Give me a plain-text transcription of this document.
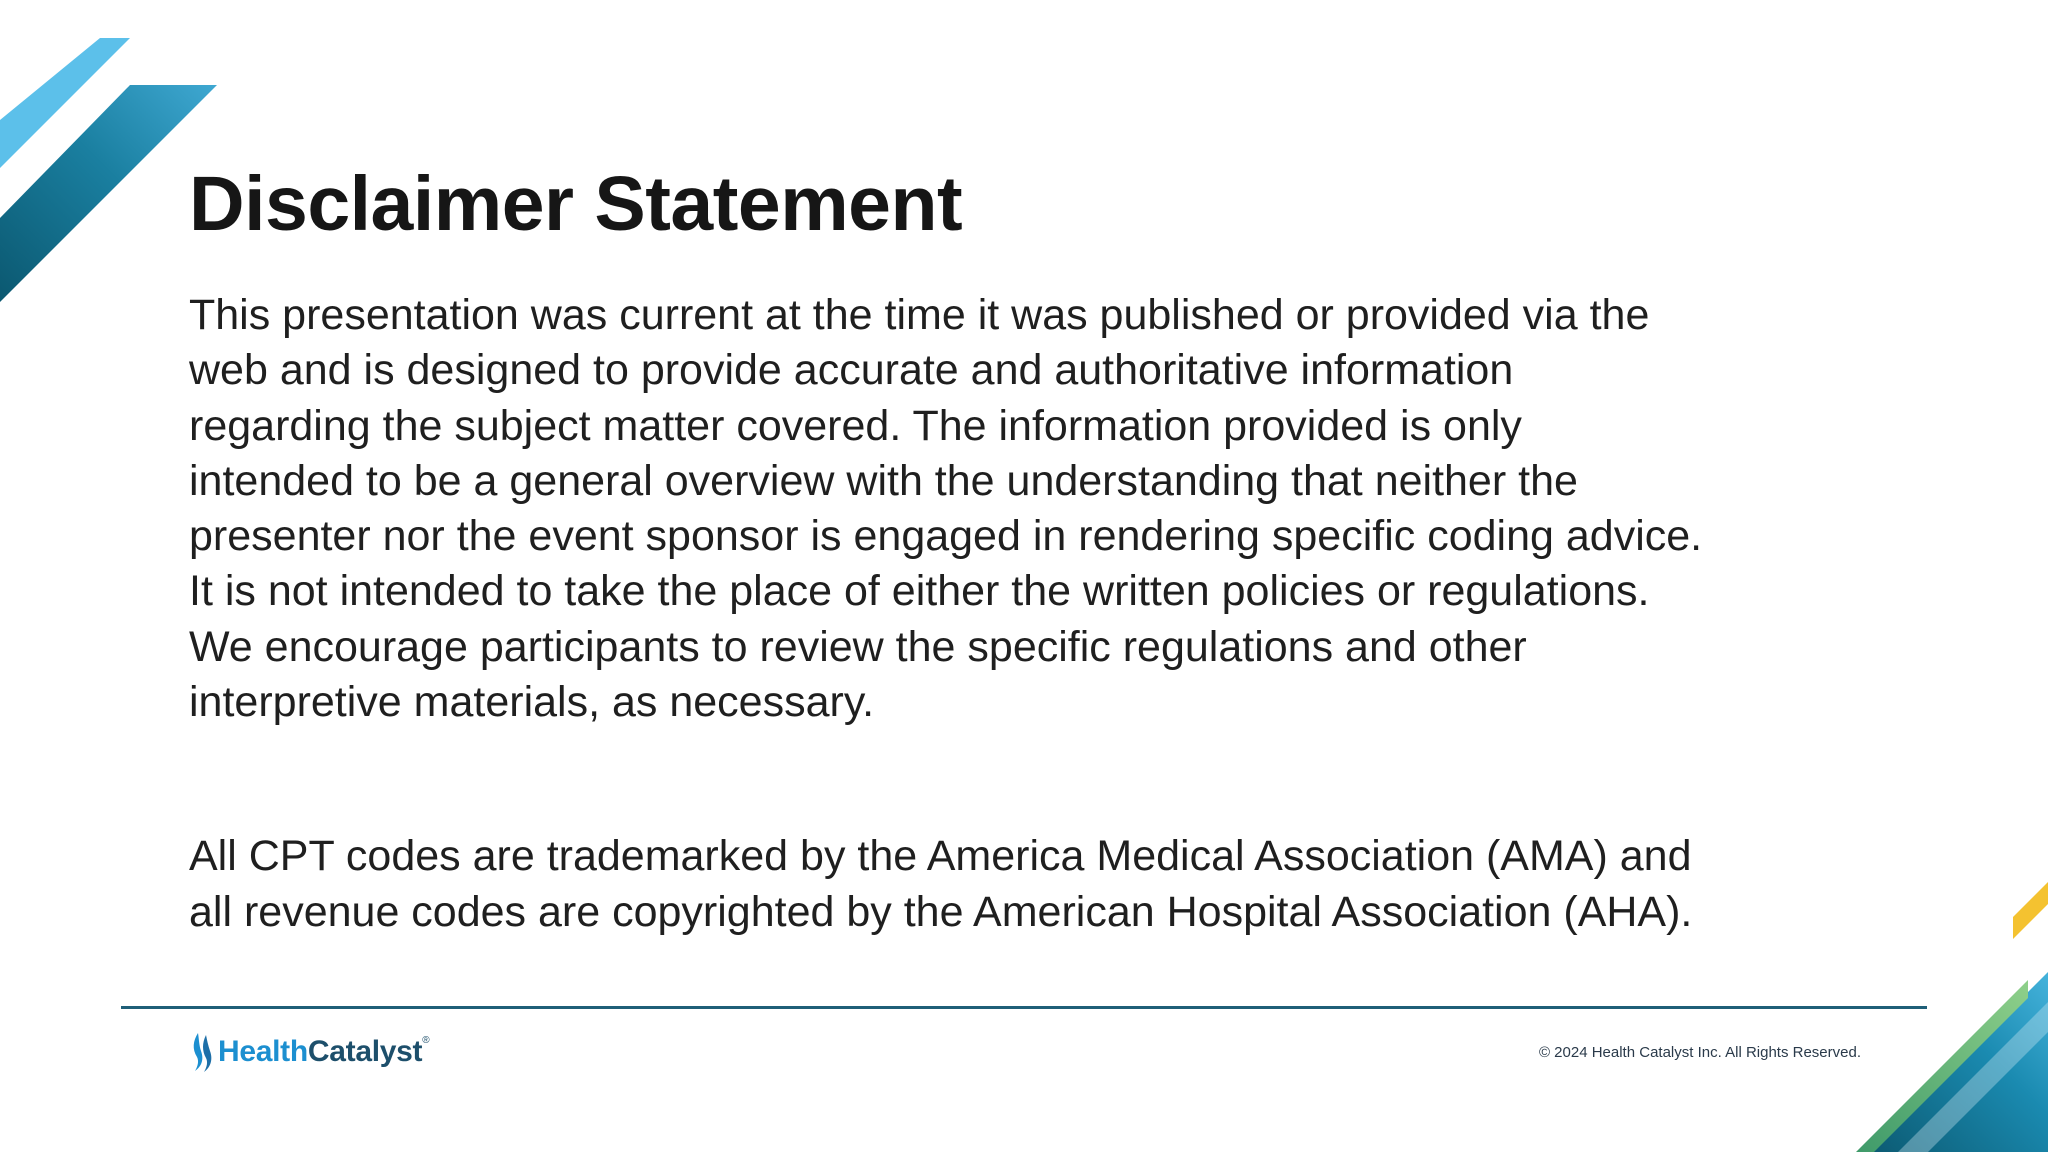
Disclaimer Statement

This presentation was current at the time it was published or provided via the
web and is designed to provide accurate and authoritative information
regarding the subject matter covered. The information provided is only
intended to be a general overview with the understanding that neither the
presenter nor the event sponsor is engaged in rendering specific coding advice.
It is not intended to take the place of either the written policies or regulations.
We encourage participants to review the specific regulations and other
interpretive materials, as necessary.

All CPT codes are trademarked by the America Medical Association (AMA) and
all revenue codes are copyrighted by the American Hospital Association (AHA).

HealthCatalyst®
© 2024 Health Catalyst Inc. All Rights Reserved.
